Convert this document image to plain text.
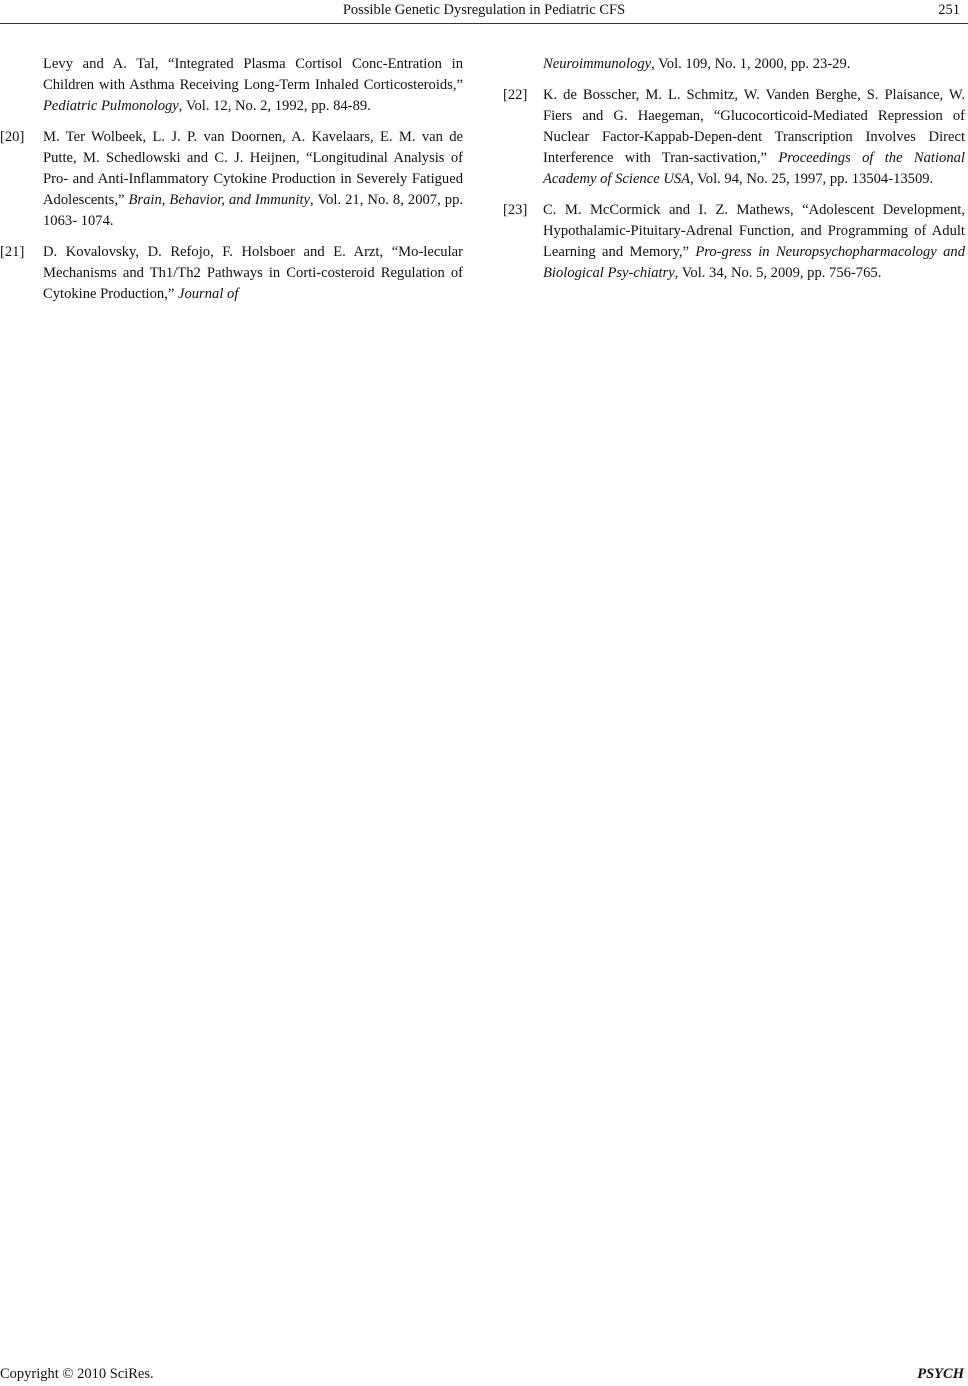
Possible Genetic Dysregulation in Pediatric CFS	251
Levy and A. Tal, “Integrated Plasma Cortisol Conc-Entration in Children with Asthma Receiving Long-Term Inhaled Corticosteroids,” Pediatric Pulmonology, Vol. 12, No. 2, 1992, pp. 84-89.
[20] M. Ter Wolbeek, L. J. P. van Doornen, A. Kavelaars, E. M. van de Putte, M. Schedlowski and C. J. Heijnen, “Longitudinal Analysis of Pro- and Anti-Inflammatory Cytokine Production in Severely Fatigued Adolescents,” Brain, Behavior, and Immunity, Vol. 21, No. 8, 2007, pp. 1063- 1074.
[21] D. Kovalovsky, D. Refojo, F. Holsboer and E. Arzt, “Mo-lecular Mechanisms and Th1/Th2 Pathways in Corti-costeroid Regulation of Cytokine Production,” Journal of
Neuroimmunology, Vol. 109, No. 1, 2000, pp. 23-29.
[22] K. de Bosscher, M. L. Schmitz, W. Vanden Berghe, S. Plaisance, W. Fiers and G. Haegeman, “Glucocorticoid-Mediated Repression of Nuclear Factor-Kappab-Depen-dent Transcription Involves Direct Interference with Tran-sactivation,” Proceedings of the National Academy of Science USA, Vol. 94, No. 25, 1997, pp. 13504-13509.
[23] C. M. McCormick and I. Z. Mathews, “Adolescent Development, Hypothalamic-Pituitary-Adrenal Function, and Programming of Adult Learning and Memory,” Pro-gress in Neuropsychopharmacology and Biological Psy-chiatry, Vol. 34, No. 5, 2009, pp. 756-765.
Copyright © 2010 SciRes.	PSYCH
